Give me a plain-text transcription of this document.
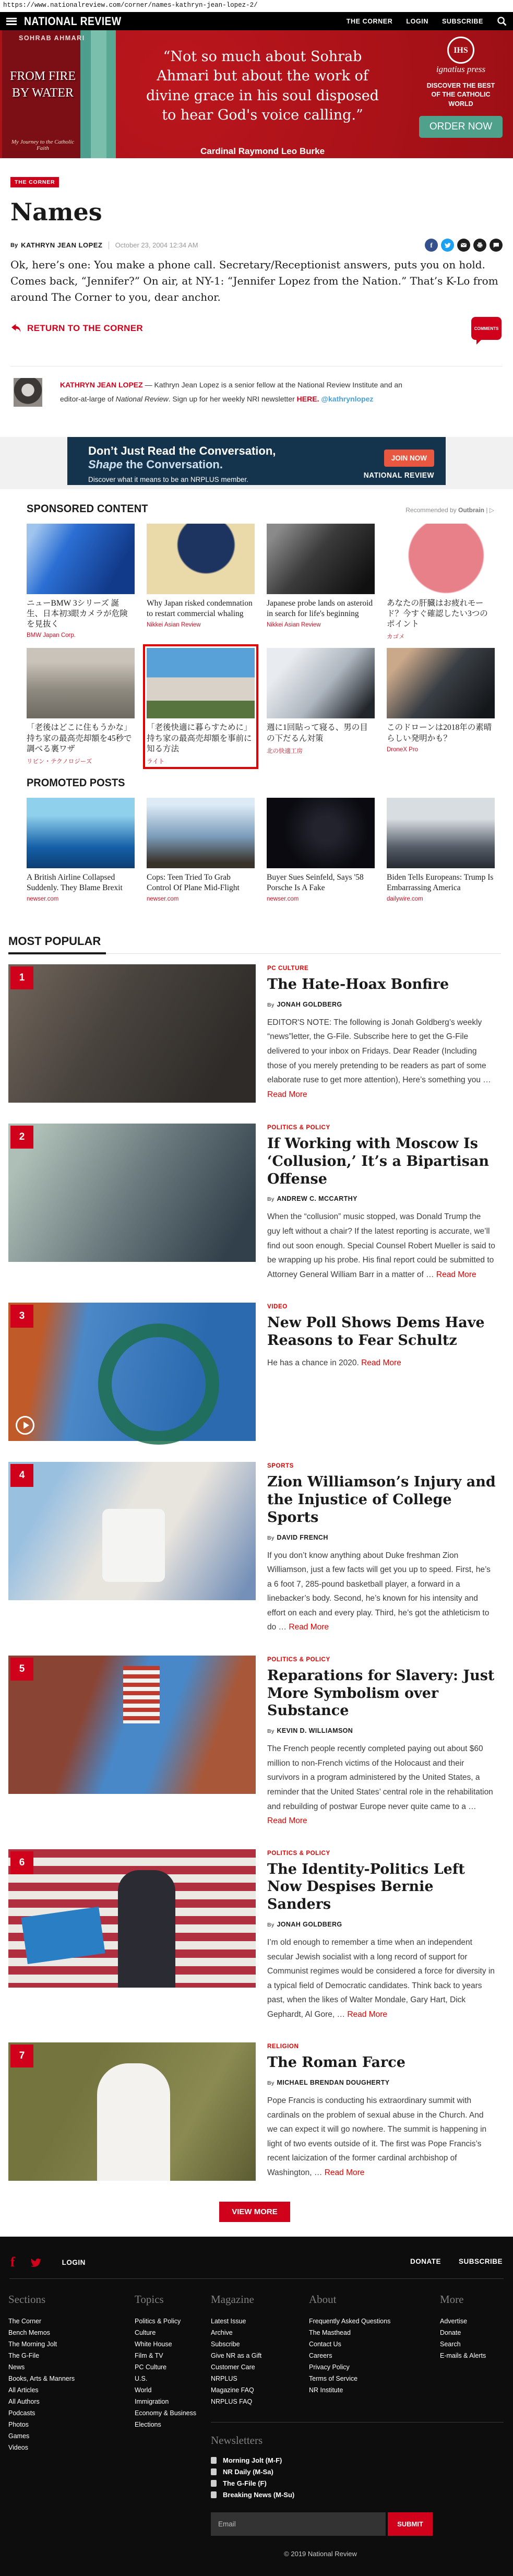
https://www.nationalreview.com/corner/names-kathryn-jean-lopez-2/
NATIONAL REVIEW	THE CORNER LOGIN SUBSCRIBE
FROM FIRE BY WATER
My Journey to the Catholic Faith
SOHRAB AHMARI
“Not so much about Sohrab Ahmari but about the work of divine grace in his soul disposed to hear God's voice calling.”
Cardinal Raymond Leo Burke
IHS
ignatius press
DISCOVER THE BEST OF THE CATHOLIC WORLD
ORDER NOW
THE CORNER
Names
By KATHRYN JEAN LOPEZ | October 23, 2004 12:34 AM	f

Ok, here’s one: You make a phone call. Secretary/Receptionist answers, puts you on hold. Comes back, “Jennifer?” On air, at NY-1: “Jennifer Lopez from the Nation.” That’s K-Lo from around The Corner to you, dear anchor.

RETURN TO THE CORNER	COMMENTS

KATHRYN JEAN LOPEZ — Kathryn Jean Lopez is a senior fellow at the National Review Institute and an editor-at-large of National Review. Sign up for her weekly NRI newsletter HERE. @kathrynlopez

Don’t Just Read the Conversation,
Shape the Conversation.
Discover what it means to be an NRPLUS member.
JOIN NOW
NATIONAL REVIEW
SPONSORED CONTENT	Recommended by Outbrain | ▷
ニューBMW 3シリーズ 誕生、日本初3眼カメラが危険を見抜く
BMW Japan Corp.
Why Japan risked condemnation to restart commercial whaling
Nikkei Asian Review
Japanese probe lands on asteroid in search for life's beginning
Nikkei Asian Review
あなたの肝臓はお疲れモード？今すぐ確認したい3つのポイント
カゴメ
「老後はどこに住もうかな」持ち家の最高売却額を45秒で調べる裏ワザ
リビン・テクノロジーズ
「老後快適に暮らすために」持ち家の最高売却額を事前に知る方法
ライト
週に1回貼って寝る、男の目の下だるん対策
北の快適工房
このドローンは2018年の素晴らしい発明かも？
DroneX Pro
PROMOTED POSTS
A British Airline Collapsed Suddenly. They Blame Brexit
newser.com
Cops: Teen Tried To Grab Control Of Plane Mid-Flight
newser.com
Buyer Sues Seinfeld, Says '58 Porsche Is A Fake
newser.com
Biden Tells Europeans: Trump Is Embarrassing America
dailywire.com
MOST POPULAR
1
PC CULTURE
The Hate-Hoax Bonfire
By JONAH GOLDBERG

EDITOR'S NOTE: The following is Jonah Goldberg’s weekly “news”letter, the G-File. Subscribe here to get the G-File delivered to your inbox on Fridays. Dear Reader (Including those of you merely pretending to be readers as part of some elaborate ruse to get more attention), Here’s something you … Read More

2
POLITICS & POLICY
If Working with Moscow Is ‘Collusion,’ It’s a Bipartisan Offense
By ANDREW C. MCCARTHY

When the “collusion” music stopped, was Donald Trump the guy left without a chair? If the latest reporting is accurate, we’ll find out soon enough. Special Counsel Robert Mueller is said to be wrapping up his probe. His final report could be submitted to Attorney General William Barr in a matter of … Read More

3
VIDEO
New Poll Shows Dems Have Reasons to Fear Schultz

He has a chance in 2020. Read More

4
SPORTS
Zion Williamson’s Injury and the Injustice of College Sports
By DAVID FRENCH

If you don’t know anything about Duke freshman Zion Williamson, just a few facts will get you up to speed. First, he’s a 6 foot 7, 285-pound basketball player, a forward in a linebacker’s body. Second, he’s known for his intensity and effort on each and every play. Third, he’s got the athleticism to do … Read More

5
POLITICS & POLICY
Reparations for Slavery: Just More Symbolism over Substance
By KEVIN D. WILLIAMSON

The French people recently completed paying out about $60 million to non-French victims of the Holocaust and their survivors in a program administered by the United States, a reminder that the United States’ central role in the rehabilitation and rebuilding of postwar Europe never quite came to a … Read More

6
POLITICS & POLICY
The Identity-Politics Left Now Despises Bernie Sanders
By JONAH GOLDBERG

I’m old enough to remember a time when an independent secular Jewish socialist with a long record of support for Communist regimes would be considered a force for diversity in a typical field of Democratic candidates. Think back to years past, when the likes of Walter Mondale, Gary Hart, Dick Gephardt, Al Gore, … Read More

7
RELIGION
The Roman Farce
By MICHAEL BRENDAN DOUGHERTY

Pope Francis is conducting his extraordinary summit with cardinals on the problem of sexual abuse in the Church. And we can expect it will go nowhere. The summit is happening in light of two events outside of it. The first was Pope Francis’s recent laicization of the former cardinal archbishop of Washington, … Read More

VIEW MORE
f	LOGIN	DONATE	SUBSCRIBE
Sections
The Corner
Bench Memos
The Morning Jolt
The G-File
News
Books, Arts & Manners
All Articles
All Authors
Podcasts
Photos
Games
Videos
Topics
Politics & Policy
Culture
White House
Film & TV
PC Culture
U.S.
World
Immigration
Economy & Business
Elections
Magazine
Latest Issue
Archive
Subscribe
Give NR as a Gift
Customer Care
NRPLUS
Magazine FAQ
NRPLUS FAQ
About
Frequently Asked Questions
The Masthead
Contact Us
Careers
Privacy Policy
Terms of Service
NR Institute
More
Advertise
Donate
Search
E-mails & Alerts
Newsletters
Morning Jolt (M-F)
NR Daily (M-Sa)
The G-File (F)
Breaking News (M-Su)
Email
SUBMIT
© 2019 National Review
